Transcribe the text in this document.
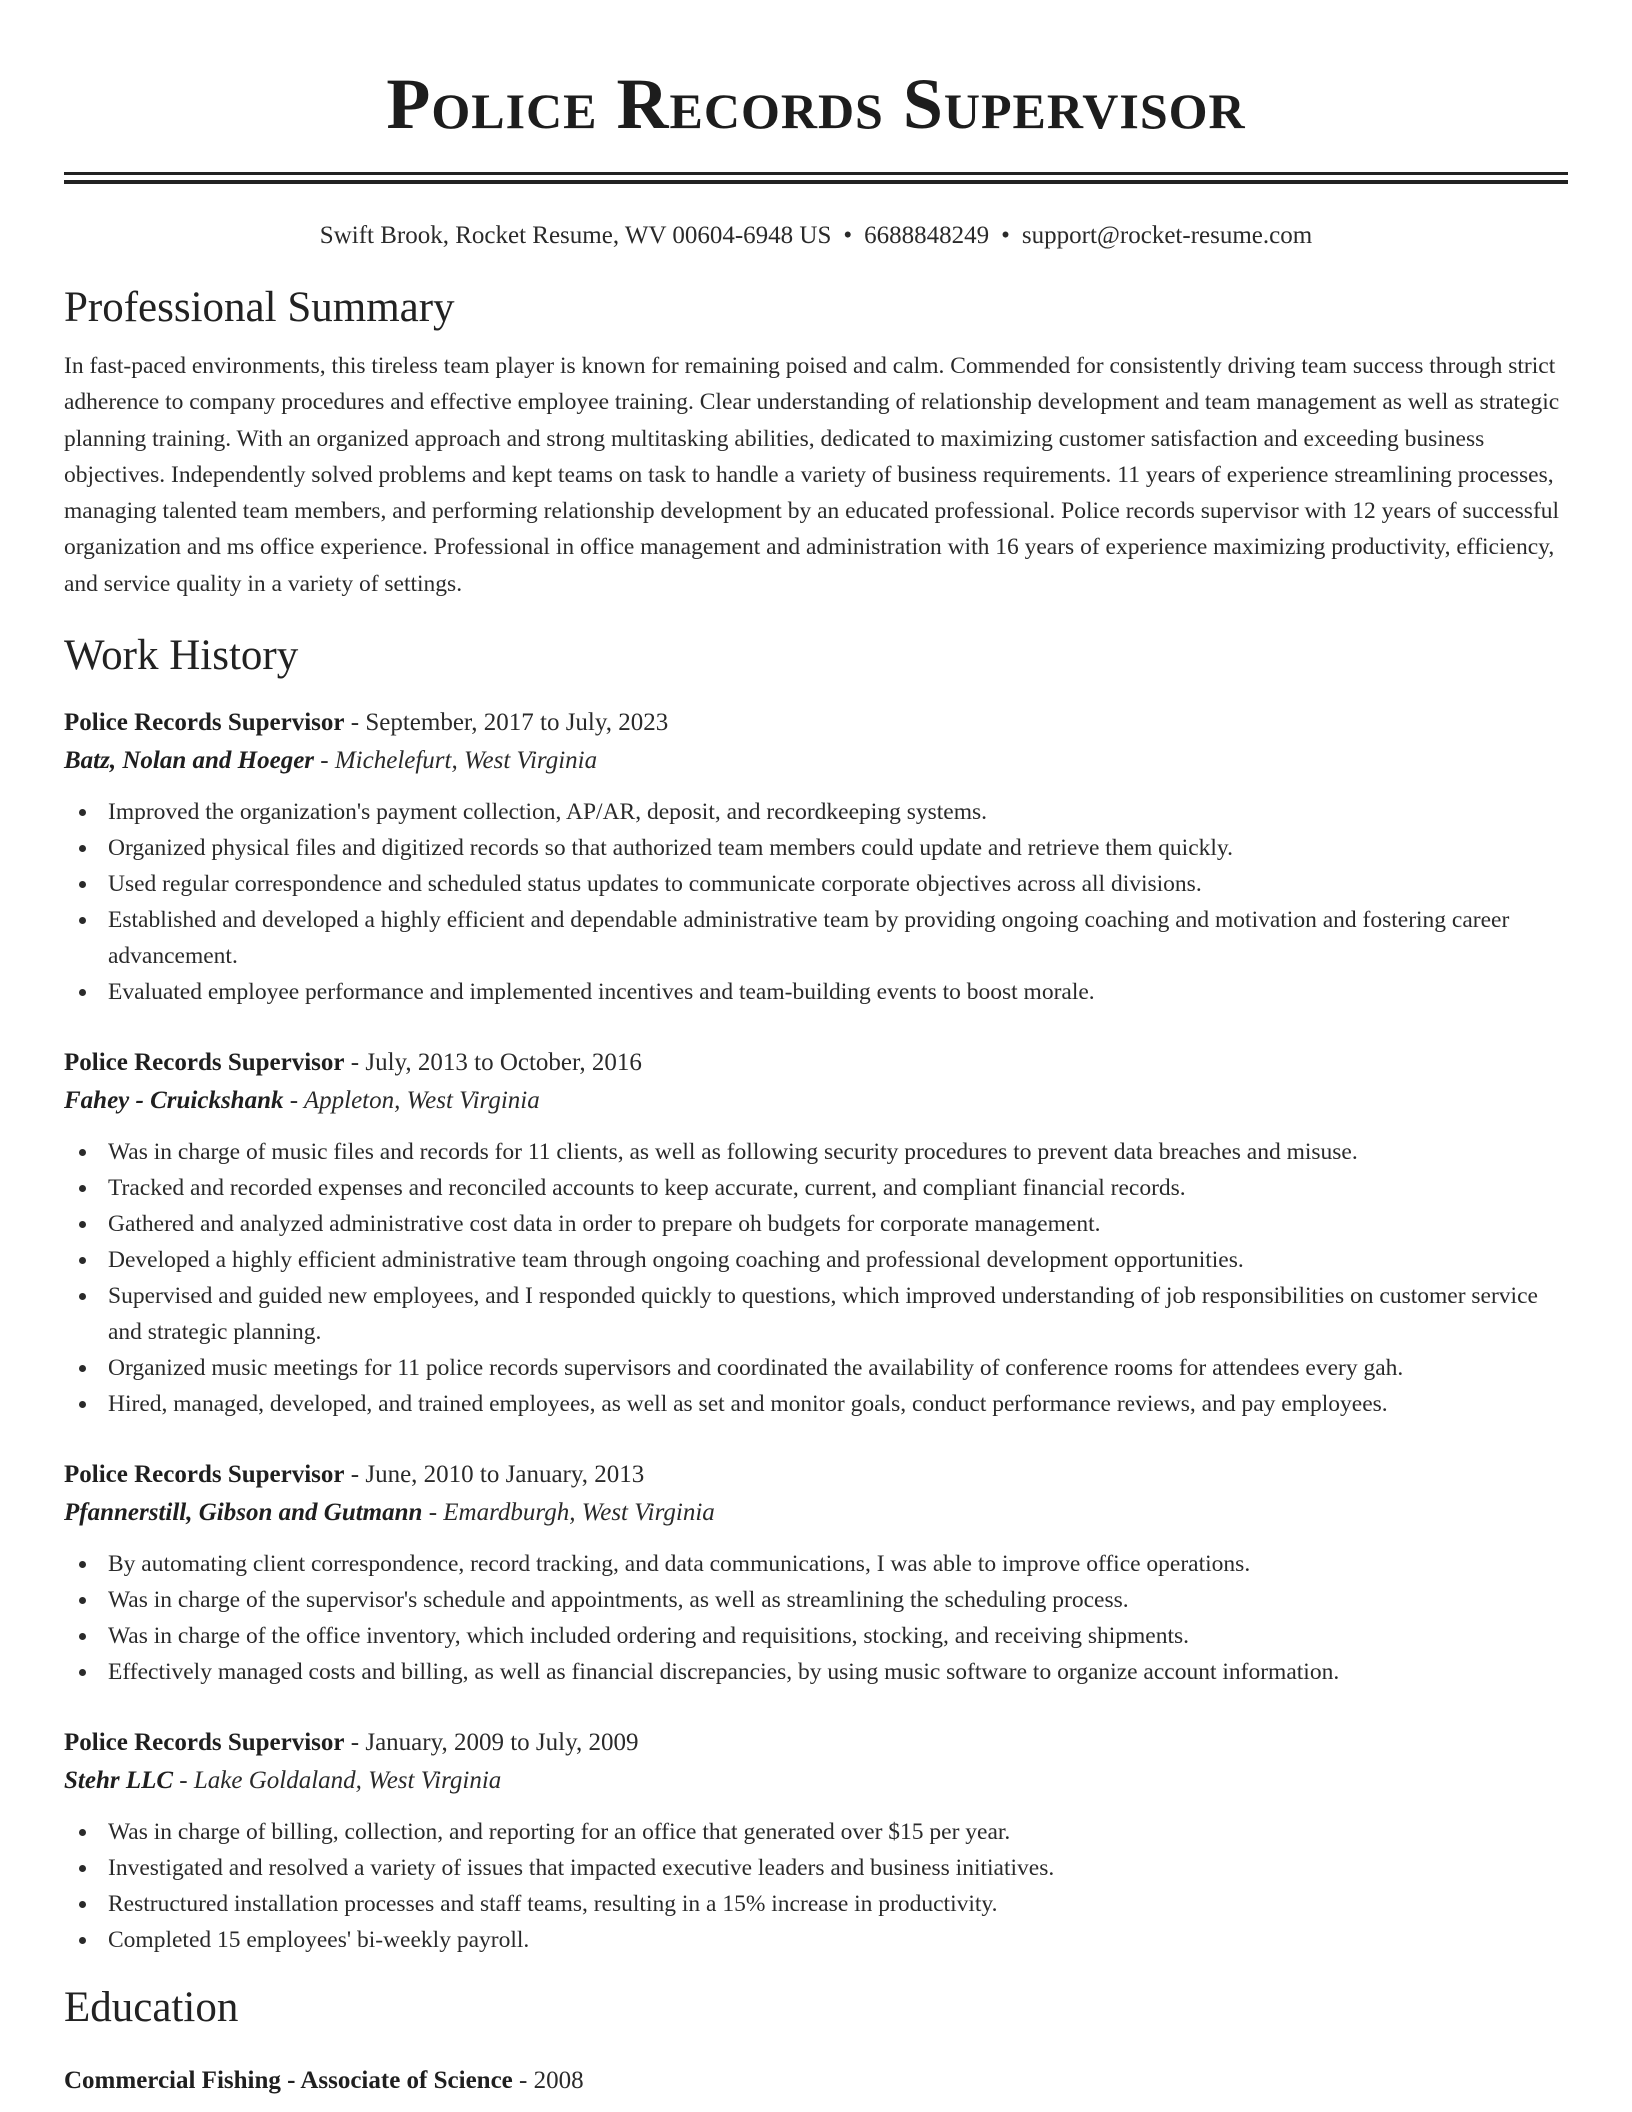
Police Records Supervisor
Swift Brook, Rocket Resume, WV 00604-6948 US • 6688848249 • support@rocket-resume.com
Professional Summary

In fast-paced environments, this tireless team player is known for remaining poised and calm. Commended for consistently driving team success through strict adherence to company procedures and effective employee training. Clear understanding of relationship development and team management as well as strategic planning training. With an organized approach and strong multitasking abilities, dedicated to maximizing customer satisfaction and exceeding business objectives. Independently solved problems and kept teams on task to handle a variety of business requirements. 11 years of experience streamlining processes, managing talented team members, and performing relationship development by an educated professional. Police records supervisor with 12 years of successful organization and ms office experience. Professional in office management and administration with 16 years of experience maximizing productivity, efficiency, and service quality in a variety of settings.

Work History
Police Records Supervisor - September, 2017 to July, 2023
Batz, Nolan and Hoeger - Michelefurt, West Virginia
Improved the organization's payment collection, AP/AR, deposit, and recordkeeping systems.
Organized physical files and digitized records so that authorized team members could update and retrieve them quickly.
Used regular correspondence and scheduled status updates to communicate corporate objectives across all divisions.
Established and developed a highly efficient and dependable administrative team by providing ongoing coaching and motivation and fostering career advancement.
Evaluated employee performance and implemented incentives and team-building events to boost morale.
Police Records Supervisor - July, 2013 to October, 2016
Fahey - Cruickshank - Appleton, West Virginia
Was in charge of music files and records for 11 clients, as well as following security procedures to prevent data breaches and misuse.
Tracked and recorded expenses and reconciled accounts to keep accurate, current, and compliant financial records.
Gathered and analyzed administrative cost data in order to prepare oh budgets for corporate management.
Developed a highly efficient administrative team through ongoing coaching and professional development opportunities.
Supervised and guided new employees, and I responded quickly to questions, which improved understanding of job responsibilities on customer service and strategic planning.
Organized music meetings for 11 police records supervisors and coordinated the availability of conference rooms for attendees every gah.
Hired, managed, developed, and trained employees, as well as set and monitor goals, conduct performance reviews, and pay employees.
Police Records Supervisor - June, 2010 to January, 2013
Pfannerstill, Gibson and Gutmann - Emardburgh, West Virginia
By automating client correspondence, record tracking, and data communications, I was able to improve office operations.
Was in charge of the supervisor's schedule and appointments, as well as streamlining the scheduling process.
Was in charge of the office inventory, which included ordering and requisitions, stocking, and receiving shipments.
Effectively managed costs and billing, as well as financial discrepancies, by using music software to organize account information.
Police Records Supervisor - January, 2009 to July, 2009
Stehr LLC - Lake Goldaland, West Virginia
Was in charge of billing, collection, and reporting for an office that generated over $15 per year.
Investigated and resolved a variety of issues that impacted executive leaders and business initiatives.
Restructured installation processes and staff teams, resulting in a 15% increase in productivity.
Completed 15 employees' bi-weekly payroll.
Education
Commercial Fishing - Associate of Science - 2008
